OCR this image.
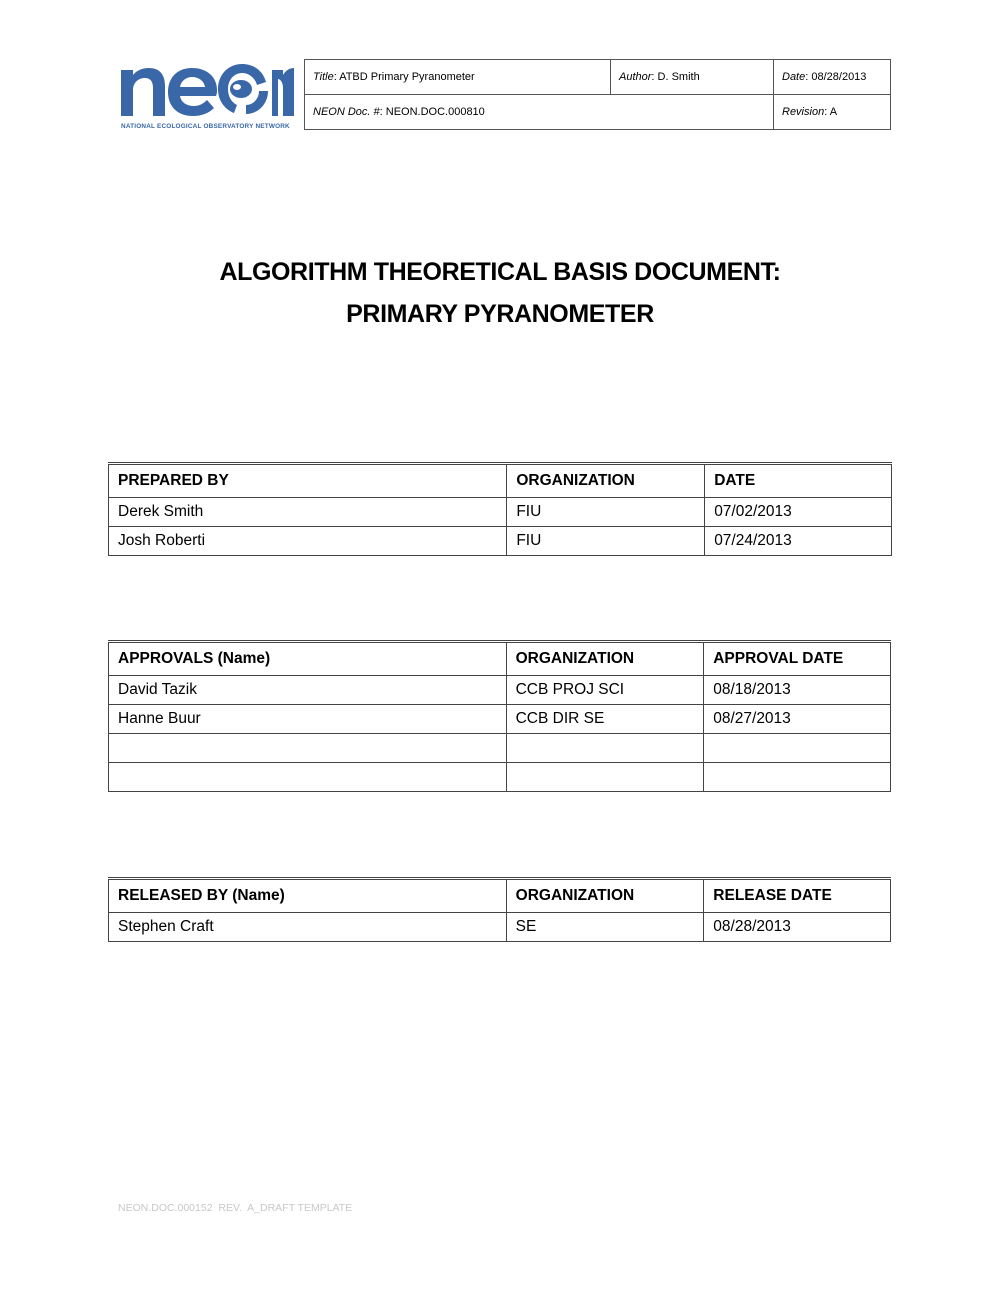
NATIONAL ECOLOGICAL OBSERVATORY NETWORK
Title: ATBD Primary Pyranometer	Author: D. Smith	Date: 08/28/2013
NEON Doc. #: NEON.DOC.000810		Revision: A
ALGORITHM THEORETICAL BASIS DOCUMENT:
PRIMARY PYRANOMETER
PREPARED BY	ORGANIZATION	DATE
Derek Smith	FIU	07/02/2013
Josh Roberti	FIU	07/24/2013
APPROVALS (Name)	ORGANIZATION	APPROVAL DATE
David Tazik	CCB PROJ SCI	08/18/2013
Hanne Buur	CCB DIR SE	08/27/2013

RELEASED BY (Name)	ORGANIZATION	RELEASE DATE
Stephen Craft	SE	08/28/2013
NEON.DOC.000152  REV.  A_DRAFT TEMPLATE
